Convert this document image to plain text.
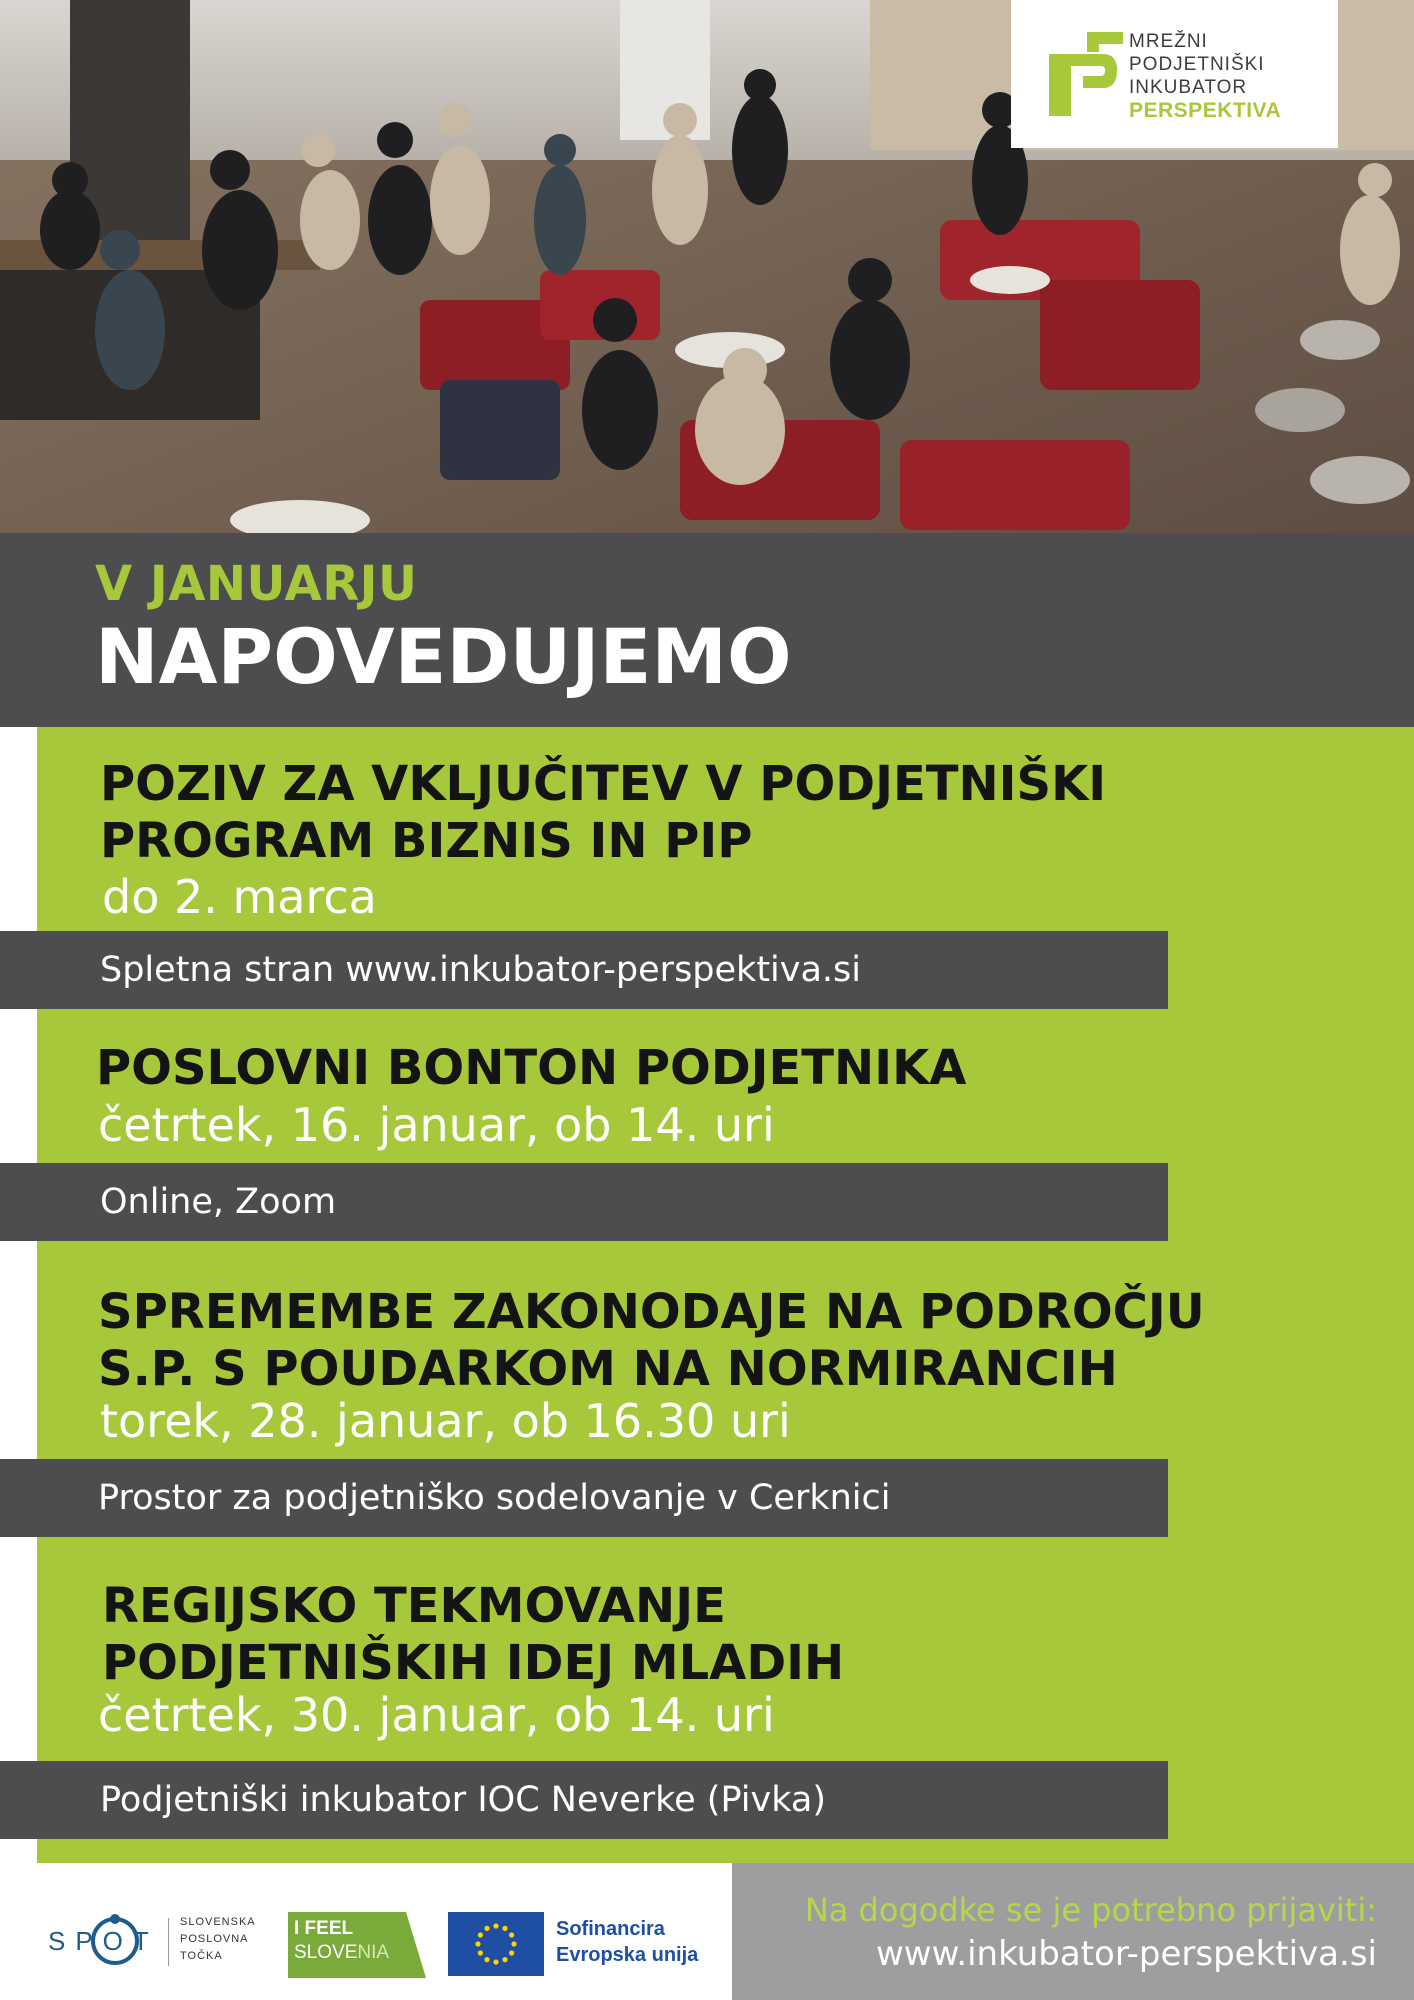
MREŽNI
PODJETNIŠKI
INKUBATOR
PERSPEKTIVA
V JANUARJU
NAPOVEDUJEMO
POZIV ZA VKLJUČITEV V PODJETNIŠKI
PROGRAM BIZNIS IN PIP
do 2. marca
Spletna stran www.inkubator-perspektiva.si
POSLOVNI BONTON PODJETNIKA
četrtek, 16. januar, ob 14. uri
Online, Zoom
SPREMEMBE ZAKONODAJE NA PODROČJU
S.P. S POUDARKOM NA NORMIRANCIH
torek, 28. januar, ob 16.30 uri
Prostor za podjetniško sodelovanje v Cerknici
REGIJSKO TEKMOVANJE
PODJETNIŠKIH IDEJ MLADIH
četrtek, 30. januar, ob 14. uri
Podjetniški inkubator IOC Neverke (Pivka)
SPOT
SLOVENSKA
POSLOVNA
TOČKA
I FEEL
SLOVENIA
Sofinancira
Evropska unija
Na dogodke se je potrebno prijaviti:
www.inkubator-perspektiva.si
